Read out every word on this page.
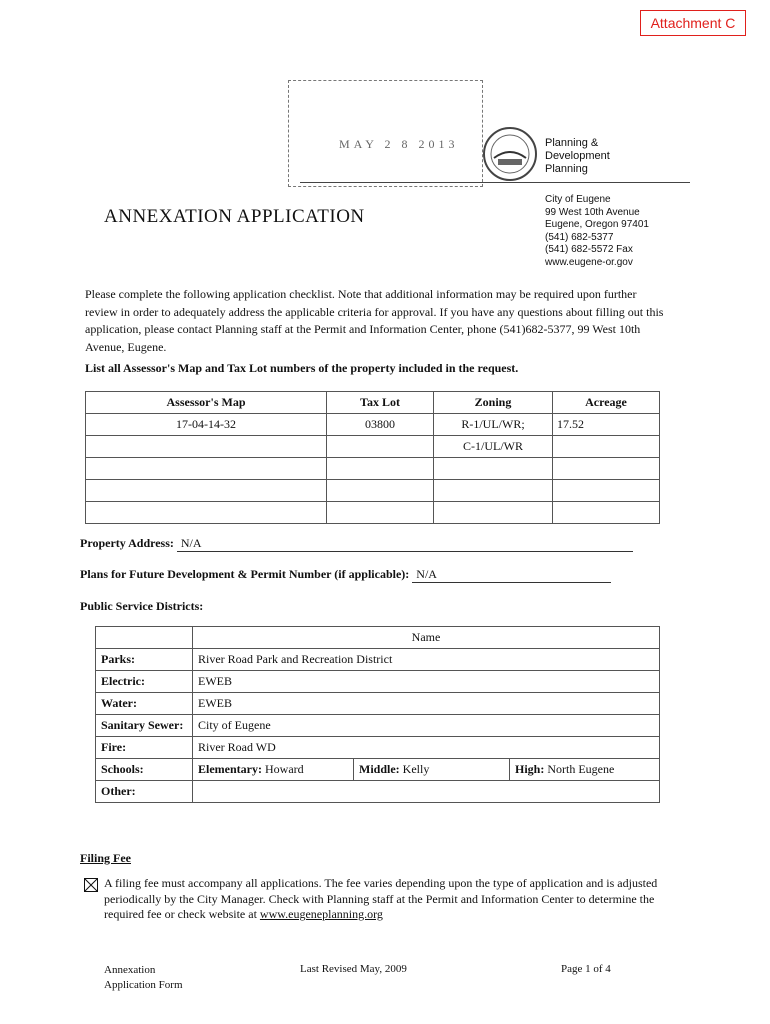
Attachment C
MAY 2 8 2013	Planning &
Development
Planning
City of Eugene
99 West 10th Avenue
Eugene, Oregon 97401
(541) 682-5377
(541) 682-5572 Fax
www.eugene-or.gov
ANNEXATION APPLICATION
Please complete the following application checklist. Note that additional information may be required upon further review in order to adequately address the applicable criteria for approval. If you have any questions about filling out this application, please contact Planning staff at the Permit and Information Center, phone (541)682-5377, 99 West 10th Avenue, Eugene.
List all Assessor's Map and Tax Lot numbers of the property included in the request.
Assessor's Map	Tax Lot	Zoning	Acreage
17-04-14-32	03800	R-1/UL/WR;	17.52
		C-1/UL/WR	

Property Address: N/A
Plans for Future Development & Permit Number (if applicable): N/A
Public Service Districts:
	Name		
Parks:	River Road Park and Recreation District		
Electric:	EWEB		
Water:	EWEB		
Sanitary Sewer:	City of Eugene		
Fire:	River Road WD		
Schools:	Elementary: Howard	Middle: Kelly	High: North Eugene
Other:			
Filing Fee
A filing fee must accompany all applications. The fee varies depending upon the type of application and is adjusted periodically by the City Manager. Check with Planning staff at the Permit and Information Center to determine the required fee or check website at www.eugeneplanning.org
Annexation
Application Form
Last Revised May, 2009	Page 1 of 4
